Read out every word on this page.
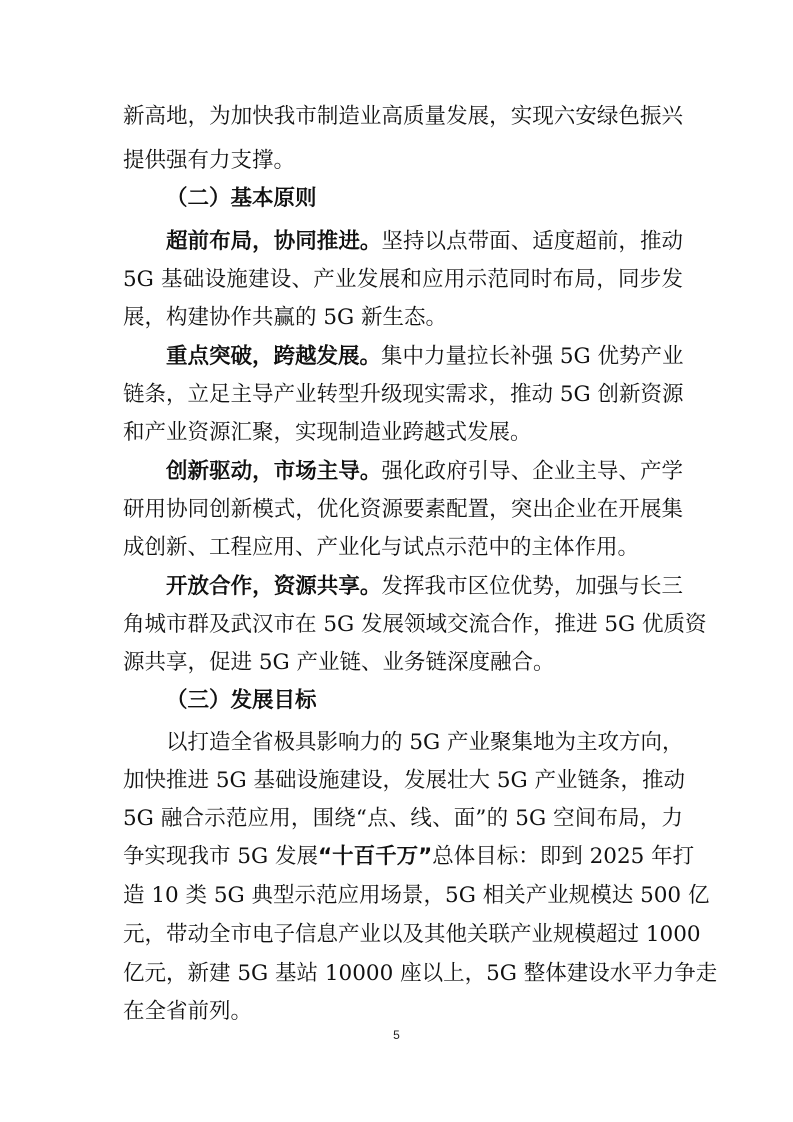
新高地，为加快我市制造业高质量发展，实现六安绿色振兴
提供强有力支撑。
（二）基本原则
超前布局，协同推进。坚持以点带面、适度超前，推动
5G 基础设施建设、产业发展和应用示范同时布局，同步发
展，构建协作共赢的 5G 新生态。
重点突破，跨越发展。集中力量拉长补强 5G 优势产业
链条，立足主导产业转型升级现实需求，推动 5G 创新资源
和产业资源汇聚，实现制造业跨越式发展。
创新驱动，市场主导。强化政府引导、企业主导、产学
研用协同创新模式，优化资源要素配置，突出企业在开展集
成创新、工程应用、产业化与试点示范中的主体作用。
开放合作，资源共享。发挥我市区位优势，加强与长三
角城市群及武汉市在 5G 发展领域交流合作，推进 5G 优质资
源共享，促进 5G 产业链、业务链深度融合。
（三）发展目标
以打造全省极具影响力的 5G 产业聚集地为主攻方向，
加快推进 5G 基础设施建设，发展壮大 5G 产业链条，推动
5G 融合示范应用，围绕“点、线、面”的 5G 空间布局，力
争实现我市 5G 发展“十百千万”总体目标：即到 2025 年打
造 10 类 5G 典型示范应用场景，5G 相关产业规模达 500 亿
元，带动全市电子信息产业以及其他关联产业规模超过 1000
亿元，新建 5G 基站 10000 座以上，5G 整体建设水平力争走
在全省前列。
5
